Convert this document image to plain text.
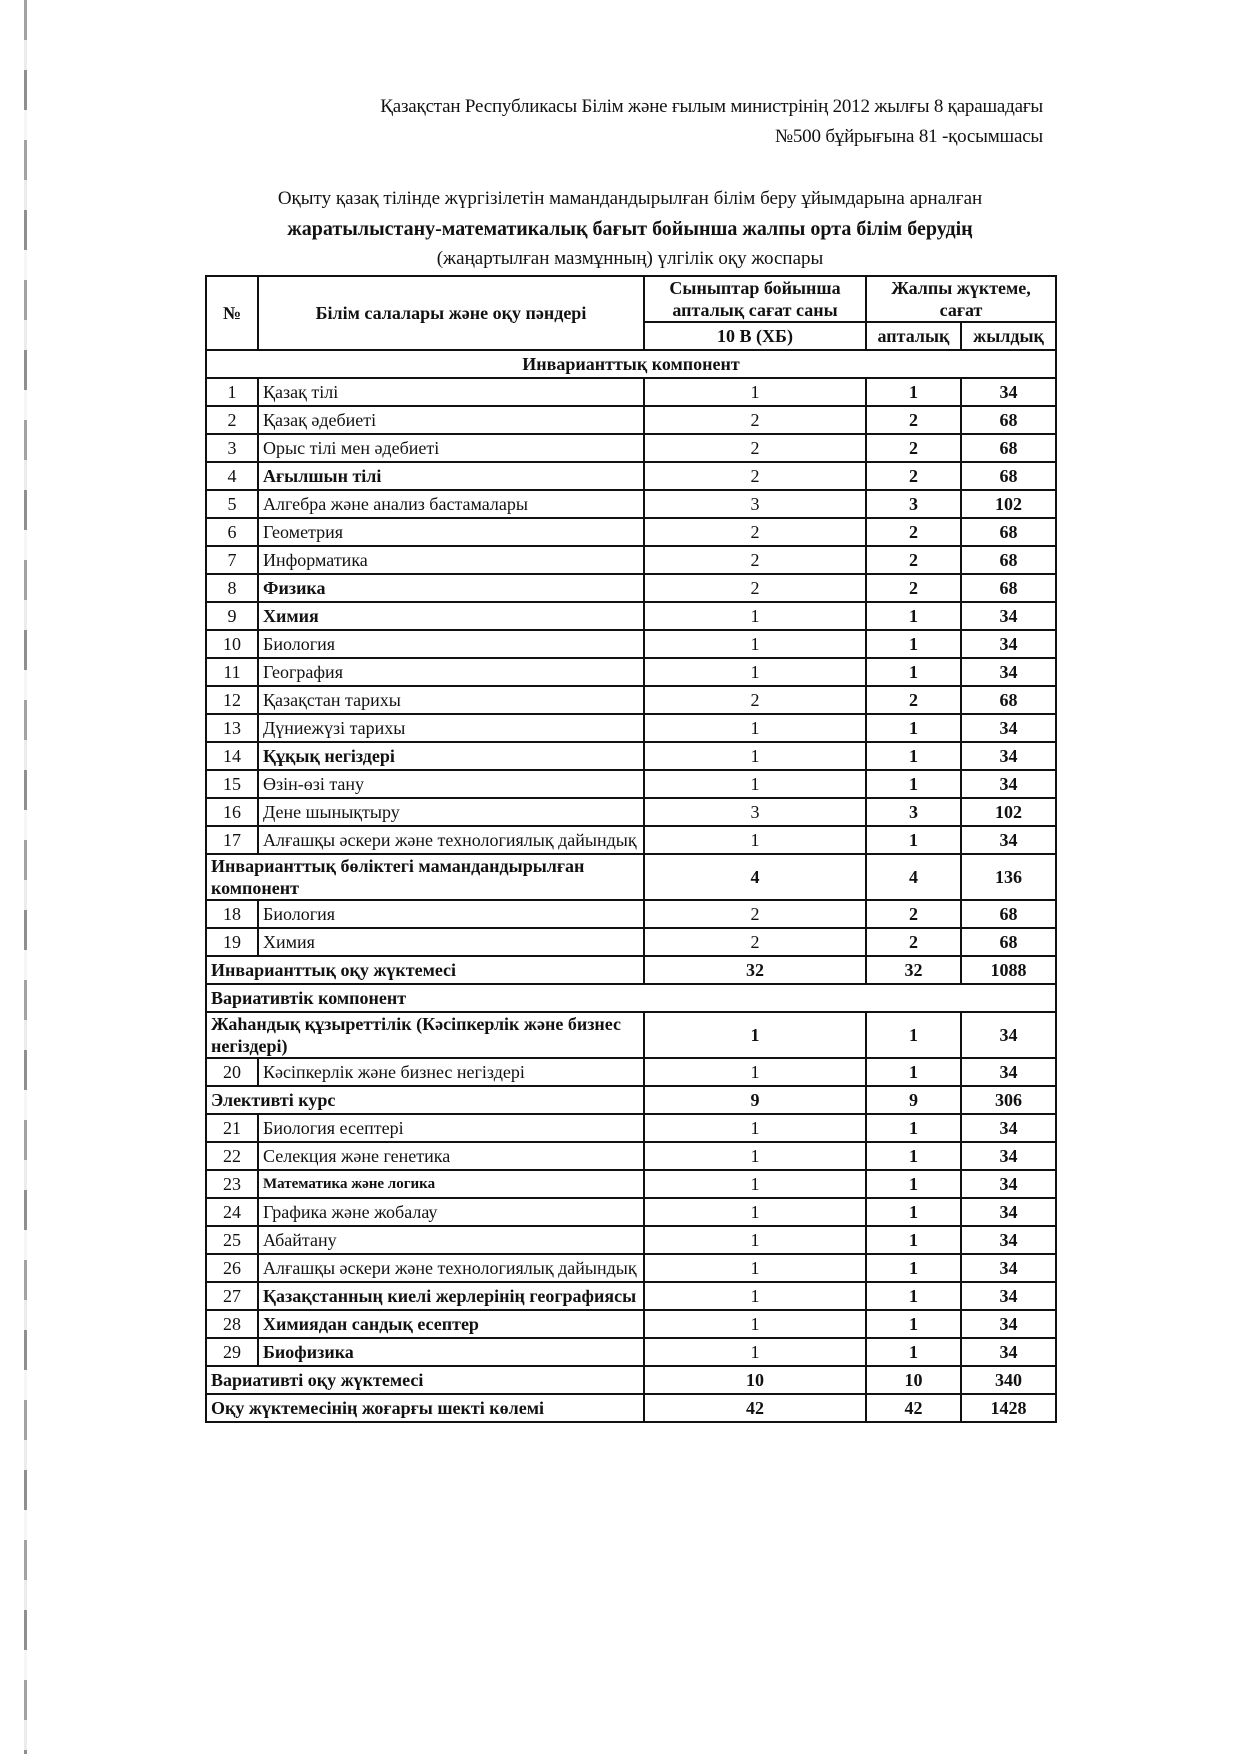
Қазақстан Республикасы Білім және ғылым министрінің 2012 жылғы 8 қарашадағы
№500 бұйрығына 81 -қосымшасы
Оқыту қазақ тілінде жүргізілетін мамандандырылған білім беру ұйымдарына арналған
жаратылыстану-математикалық бағыт бойынша жалпы орта білім берудің
(жаңартылған мазмұнның) үлгілік оқу жоспары
№	Білім салалары және оқу пәндері	Сыныптар бойынша апталық сағат саны	Жалпы жүктеме, сағат	
		10 В (ХБ)	апталық	жылдық
Инварианттық компонент				
1	Қазақ тілі	1	1	34
2	Қазақ әдебиеті	2	2	68
3	Орыс тілі мен әдебиеті	2	2	68
4	Ағылшын тілі	2	2	68
5	Алгебра және анализ бастамалары	3	3	102
6	Геометрия	2	2	68
7	Информатика	2	2	68
8	Физика	2	2	68
9	Химия	1	1	34
10	Биология	1	1	34
11	География	1	1	34
12	Қазақстан тарихы	2	2	68
13	Дүниежүзі тарихы	1	1	34
14	Құқық негіздері	1	1	34
15	Өзін-өзі тану	1	1	34
16	Дене шынықтыру	3	3	102
17	Алғашқы әскери және технологиялық дайындық	1	1	34
Инварианттық бөліктегі мамандандырылған компонент		4	4	136
18	Биология	2	2	68
19	Химия	2	2	68
Инварианттық оқу жүктемесі		32	32	1088
Вариативтік компонент				
Жаһандық құзыреттілік (Кәсіпкерлік және бизнес негіздері)		1	1	34
20	Кәсіпкерлік және бизнес негіздері	1	1	34
Элективті курс		9	9	306
21	Биология есептері	1	1	34
22	Селекция және генетика	1	1	34
23	Математика және логика	1	1	34
24	Графика және жобалау	1	1	34
25	Абайтану	1	1	34
26	Алғашқы әскери және технологиялық дайындық	1	1	34
27	Қазақстанның киелі жерлерінің географиясы	1	1	34
28	Химиядан сандық есептер	1	1	34
29	Биофизика	1	1	34
Вариативті оқу жүктемесі		10	10	340
Оқу жүктемесінің жоғарғы шекті көлемі		42	42	1428
